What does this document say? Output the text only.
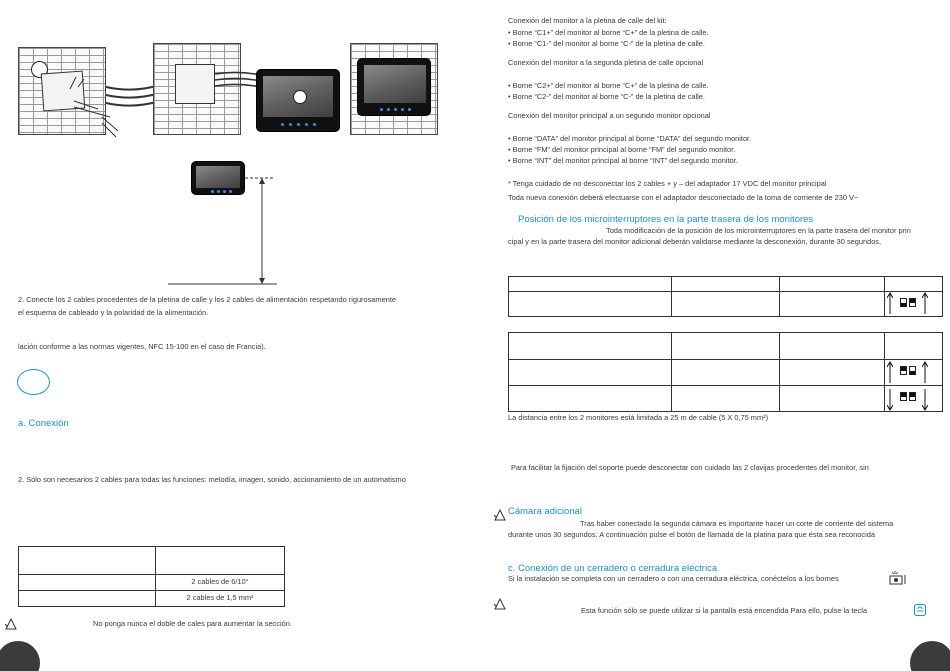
2. Conecte los 2 cables procedentes de la pletina de calle y los 2 cables de alimentación respetando rigurosamente
el esquema de cableado y la polaridad de la alimentación.
lación conforme a las normas vigentes, NFC 15-100 en el caso de Francia).
a. Conexión
2. Sólo son necesarios 2 cables para todas las funciones: melodía, imagen, sonido, accionamiento de un automatismo

	2 cables de 6/10°
	2 cables de 1,5 mm²
No ponga nunca el doble de cales para aumentar la sección.
Conexión del monitor a la pletina de calle del kit:
• Borne “C1+” del monitor al borne “C+” de la pletina de calle.
• Borne “C1-” del monitor al borne “C-” de la pletina de calle.
Conexión del monitor a la segunda pletina de calle opcional
• Borne “C2+” del monitor al borne “C+” de la pletina de calle.
• Borne “C2-” del monitor al borne “C-” de la pletina de calle.
Conexión del monitor principal a un segundo monitor opcional
• Borne “DATA” del monitor principal al borne “DATA” del segundo monitor.
• Borne “FM” del monitor principal al borne “FM” del segundo monitor.
• Borne “INT” del monitor principal al borne “INT” del segundo monitor.
* Tenga cuidado de no desconectar los 2 cables + y – del adaptador 17 VDC del monitor principal
Toda nueva conexión deberá efectuarse con el adaptador desconectado de la toma de corriente de 230 V~
Posición de los microinterruptores en la parte trasera de los monitores
Toda modificación de la posición de los microinterruptores en la parte trasera del monitor prin
cipal y en la parte trasera del monitor adicional deberán validarse mediante la desconexión, durante 30 segundos,

La distancia entre los 2 monitores está limitada a 25 m de cable (5 X 0,75 mm²)
Para facilitar la fijación del soporte puede desconectar con cuidado las 2 clavijas procedentes del monitor, sin
Cámara adicional
Tras haber conectado la segunda cámara es importante hacer un corte de corriente del sistema
durante unos 30 segundos. A continuación pulse el botón de llamada de la platina para que ésta sea reconocida
c. Conexión de un cerradero o cerradura eléctrica
Si la instalación se completa con un cerradero o con una cerradura eléctrica, conéctelos a los bornes
Esta función sólo se puede utilizar si la pantalla está encendida Para ello, pulse la tecla
